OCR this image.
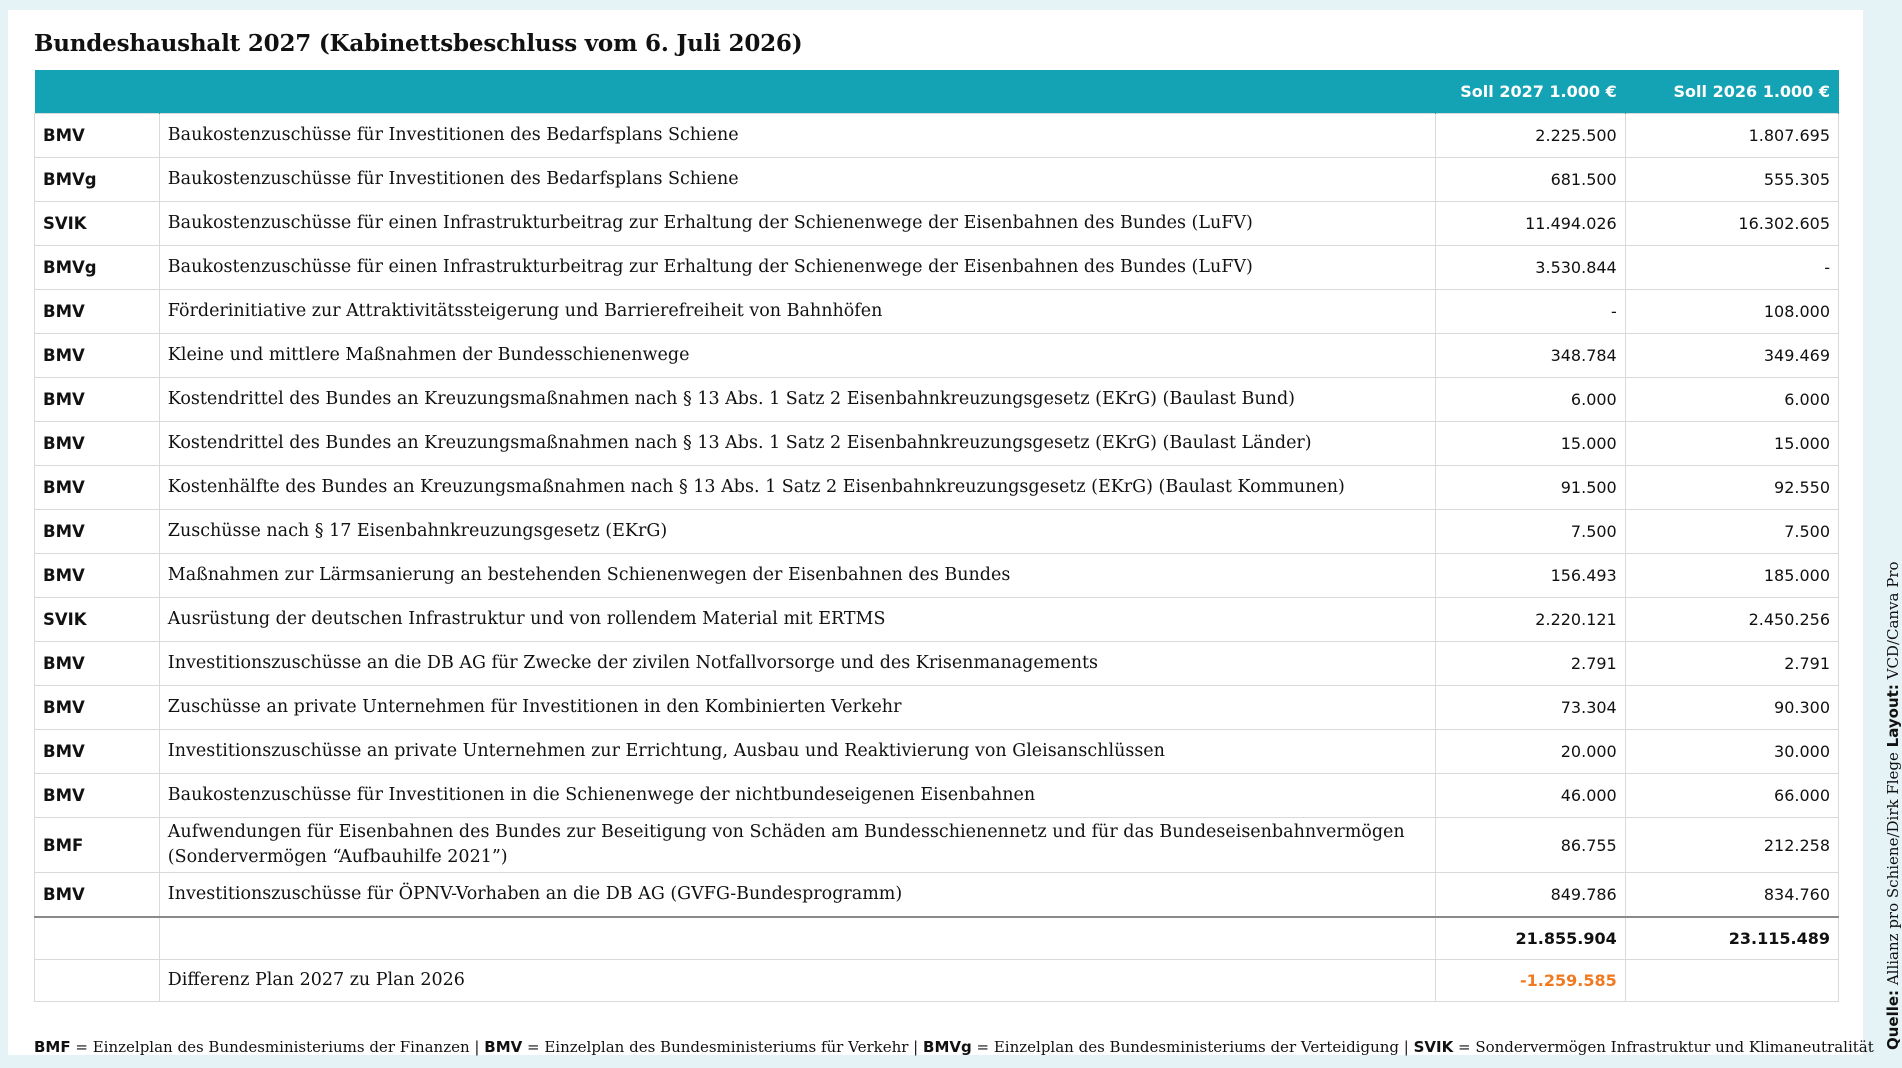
Bundeshaushalt 2027 (Kabinettsbeschluss vom 6. Juli 2026)
		Soll 2027 1.000 €	Soll 2026 1.000 €
BMV	Baukostenzuschüsse für Investitionen des Bedarfsplans Schiene	2.225.500	1.807.695
BMVg	Baukostenzuschüsse für Investitionen des Bedarfsplans Schiene	681.500	555.305
SVIK	Baukostenzuschüsse für einen Infrastrukturbeitrag zur Erhaltung der Schienenwege der Eisenbahnen des Bundes (LuFV)	11.494.026	16.302.605
BMVg	Baukostenzuschüsse für einen Infrastrukturbeitrag zur Erhaltung der Schienenwege der Eisenbahnen des Bundes (LuFV)	3.530.844	-
BMV	Förderinitiative zur Attraktivitätssteigerung und Barrierefreiheit von Bahnhöfen	-	108.000
BMV	Kleine und mittlere Maßnahmen der Bundesschienenwege	348.784	349.469
BMV	Kostendrittel des Bundes an Kreuzungsmaßnahmen nach § 13 Abs. 1 Satz 2 Eisenbahnkreuzungsgesetz (EKrG) (Baulast Bund)	6.000	6.000
BMV	Kostendrittel des Bundes an Kreuzungsmaßnahmen nach § 13 Abs. 1 Satz 2 Eisenbahnkreuzungsgesetz (EKrG) (Baulast Länder)	15.000	15.000
BMV	Kostenhälfte des Bundes an Kreuzungsmaßnahmen nach § 13 Abs. 1 Satz 2 Eisenbahnkreuzungsgesetz (EKrG) (Baulast Kommunen)	91.500	92.550
BMV	Zuschüsse nach § 17 Eisenbahnkreuzungsgesetz (EKrG)	7.500	7.500
BMV	Maßnahmen zur Lärmsanierung an bestehenden Schienenwegen der Eisenbahnen des Bundes	156.493	185.000
SVIK	Ausrüstung der deutschen Infrastruktur und von rollendem Material mit ERTMS	2.220.121	2.450.256
BMV	Investitionszuschüsse an die DB AG für Zwecke der zivilen Notfallvorsorge und des Krisenmanagements	2.791	2.791
BMV	Zuschüsse an private Unternehmen für Investitionen in den Kombinierten Verkehr	73.304	90.300
BMV	Investitionszuschüsse an private Unternehmen zur Errichtung, Ausbau und Reaktivierung von Gleisanschlüssen	20.000	30.000
BMV	Baukostenzuschüsse für Investitionen in die Schienenwege der nichtbundeseigenen Eisenbahnen	46.000	66.000
BMF	Aufwendungen für Eisenbahnen des Bundes zur Beseitigung von Schäden am Bundesschienennetz und für das Bundeseisenbahnvermögen (Sondervermögen “Aufbauhilfe 2021”)	86.755	212.258
BMV	Investitionszuschüsse für ÖPNV-Vorhaben an die DB AG (GVFG-Bundesprogramm)	849.786	834.760
		21.855.904	23.115.489
	Differenz Plan 2027 zu Plan 2026	-1.259.585	
BMF = Einzelplan des Bundesministeriums der Finanzen | BMV = Einzelplan des Bundesministeriums für Verkehr | BMVg = Einzelplan des Bundesministeriums der Verteidigung | SVIK = Sondervermögen Infrastruktur und Klimaneutralität Quelle: Allianz pro Schiene/Dirk Flege Layout: VCD/Canva Pro
